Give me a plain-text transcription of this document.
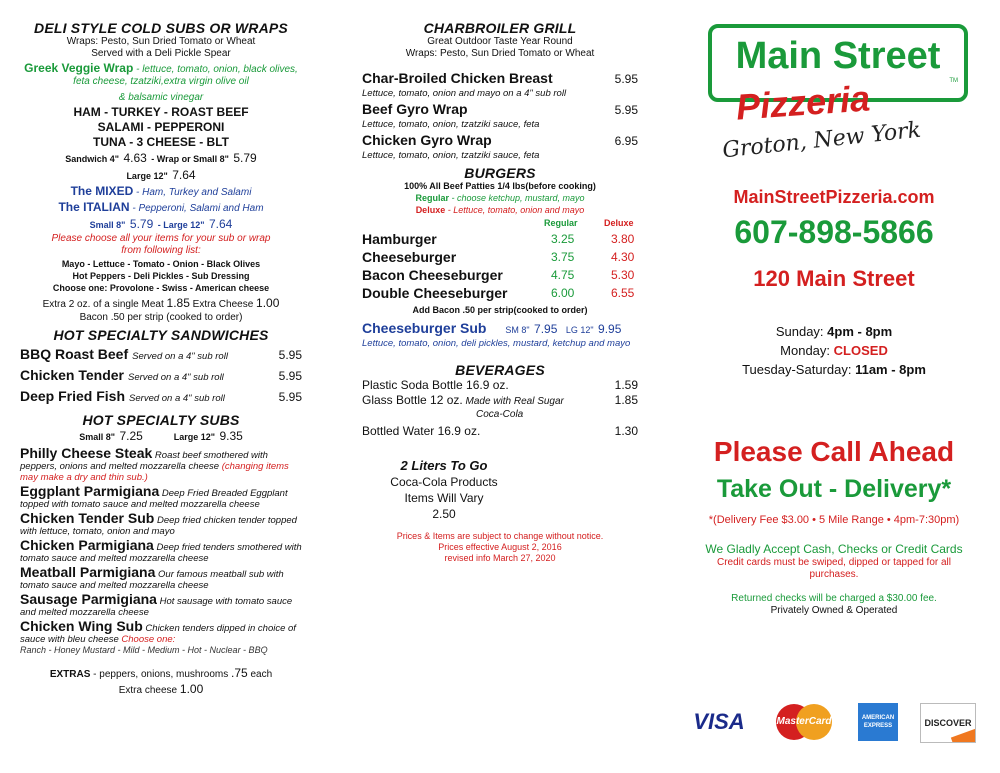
DELI STYLE COLD SUBS OR WRAPS
Wraps: Pesto, Sun Dried Tomato or Wheat
Served with a Deli Pickle Spear
Greek Veggie Wrap - lettuce, tomato, onion, black olives, feta cheese, tzatziki,extra virgin olive oil
& balsamic vinegar
HAM - TURKEY - ROAST BEEF
SALAMI - PEPPERONI
TUNA - 3 CHEESE - BLT
Sandwich 4" 4.63 - Wrap or Small 8" 5.79
Large 12" 7.64
The MIXED - Ham, Turkey and Salami
The ITALIAN - Pepperoni, Salami and Ham
Small 8" 5.79 - Large 12" 7.64
Please choose all your items for your sub or wrap
from following list:
Mayo - Lettuce - Tomato - Onion - Black Olives
Hot Peppers - Deli Pickles - Sub Dressing
Choose one: Provolone - Swiss - American cheese
Extra 2 oz. of a single Meat 1.85 Extra Cheese 1.00
Bacon .50 per strip (cooked to order)
HOT SPECIALTY SANDWICHES
BBQ Roast Beef Served on a 4" sub roll	5.95
Chicken Tender Served on a 4" sub roll	5.95
Deep Fried Fish Served on a 4" sub roll	5.95
HOT SPECIALTY SUBS
Small 8" 7.25	Large 12" 9.35
Philly Cheese Steak Roast beef smothered with peppers, onions and melted mozzarella cheese (changing items may make a dry and thin sub.)
Eggplant Parmigiana Deep Fried Breaded Eggplant topped with tomato sauce and melted mozzarella cheese
Chicken Tender Sub Deep fried chicken tender topped with lettuce, tomato, onion and mayo
Chicken Parmigiana Deep fried tenders smothered with tomato sauce and melted mozzarella cheese
Meatball Parmigiana Our famous meatball sub with tomato sauce and melted mozzarella cheese
Sausage Parmigiana Hot sausage with tomato sauce and melted mozzarella cheese
Chicken Wing Sub Chicken tenders dipped in choice of sauce with bleu cheese Choose one:
Ranch - Honey Mustard - Mild - Medium - Hot - Nuclear - BBQ
EXTRAS - peppers, onions, mushrooms .75 each
Extra cheese 1.00
CHARBROILER GRILL
Great Outdoor Taste Year Round
Wraps: Pesto, Sun Dried Tomato or Wheat
Char-Broiled Chicken Breast	5.95
Lettuce, tomato, onion and mayo on a 4" sub roll
Beef Gyro Wrap	5.95
Lettuce, tomato, onion, tzatziki sauce, feta
Chicken Gyro Wrap	6.95
Lettuce, tomato, onion, tzatziki sauce, feta
BURGERS
100% All Beef Patties 1/4 lbs(before cooking)
Regular - choose ketchup, mustard, mayo
Deluxe - Lettuce, tomato, onion and mayo
Regular	Deluxe
Hamburger	3.25	3.80
Cheeseburger	3.75	4.30
Bacon Cheeseburger	4.75	5.30
Double Cheeseburger	6.00	6.55
Add Bacon .50 per strip(cooked to order)
Cheeseburger Sub SM 8" 7.95 LG 12" 9.95
Lettuce, tomato, onion, deli pickles, mustard, ketchup and mayo
BEVERAGES
Plastic Soda Bottle 16.9 oz.	1.59
Glass Bottle 12 oz. Made with Real Sugar	1.85
Coca-Cola
Bottled Water 16.9 oz.	1.30
2 Liters To Go
Coca-Cola Products
Items Will Vary
2.50
Prices & Items are subject to change without notice.
Prices effective August 2, 2016
revised info March 27, 2020
Main Street
TM
Pizzeria
Groton, New York
MainStreetPizzeria.com
607-898-5866
120 Main Street
Sunday: 4pm - 8pm
Monday: CLOSED
Tuesday-Saturday: 11am - 8pm
Please Call Ahead
Take Out - Delivery*
*(Delivery Fee $3.00 • 5 Mile Range • 4pm-7:30pm)
We Gladly Accept Cash, Checks or Credit Cards
Credit cards must be swiped, dipped or tapped for all purchases.
Returned checks will be charged a $30.00 fee.
Privately Owned & Operated
VISA	MasterCard	AMERICAN
EXPRESS	DISCOVER
